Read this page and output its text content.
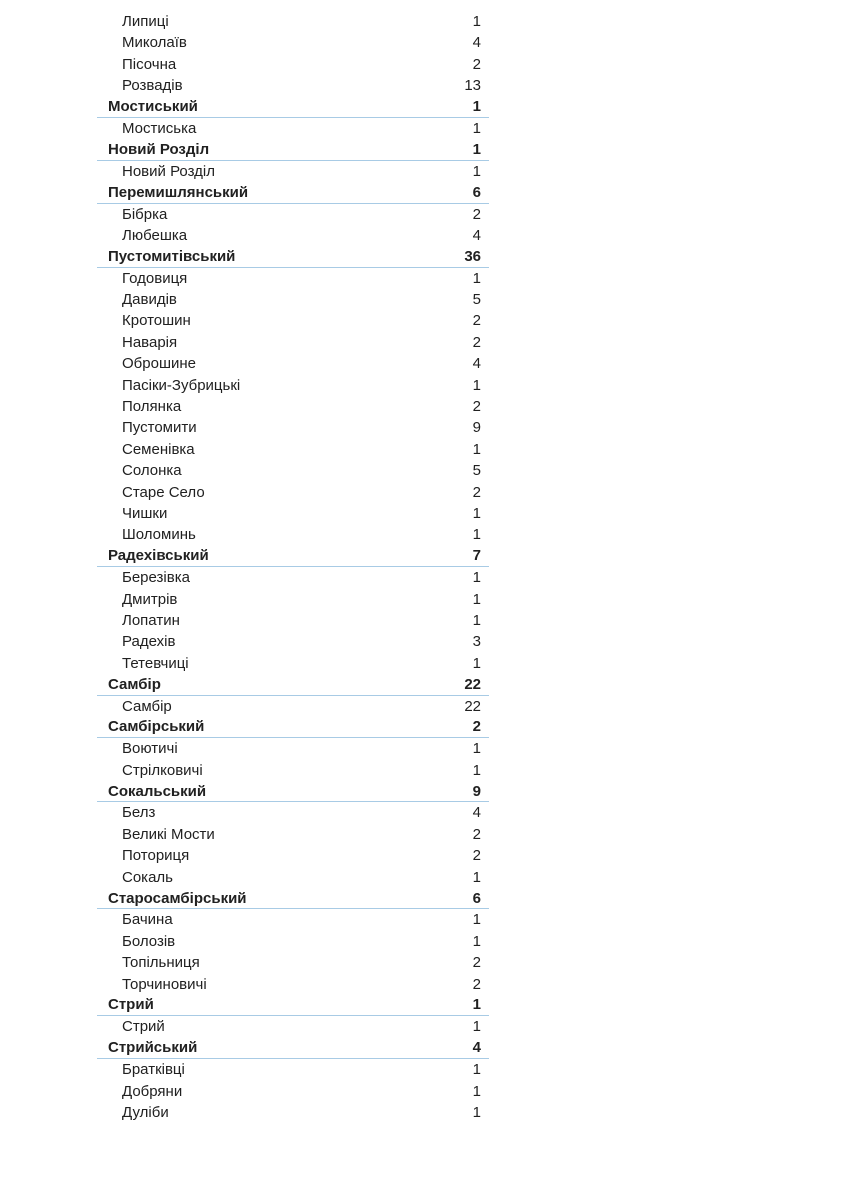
Липиці	1
Миколаїв	4
Пісочна	2
Розвадів	13
Мостиський	1
Мостиська	1
Новий Розділ	1
Новий Розділ	1
Перемишлянський	6
Бібрка	2
Любешка	4
Пустомитівський	36
Годовиця	1
Давидів	5
Кротошин	2
Наварія	2
Оброшине	4
Пасіки-Зубрицькі	1
Полянка	2
Пустомити	9
Семенівка	1
Солонка	5
Старе Село	2
Чишки	1
Шоломинь	1
Радехівський	7
Березівка	1
Дмитрів	1
Лопатин	1
Радехів	3
Тетевчиці	1
Самбір	22
Самбір	22
Самбірський	2
Воютичі	1
Стрілковичі	1
Сокальський	9
Белз	4
Великі Мости	2
Поториця	2
Сокаль	1
Старосамбірський	6
Бачина	1
Болозів	1
Топільниця	2
Торчиновичі	2
Стрий	1
Стрий	1
Стрийський	4
Братківці	1
Добряни	1
Дуліби	1
